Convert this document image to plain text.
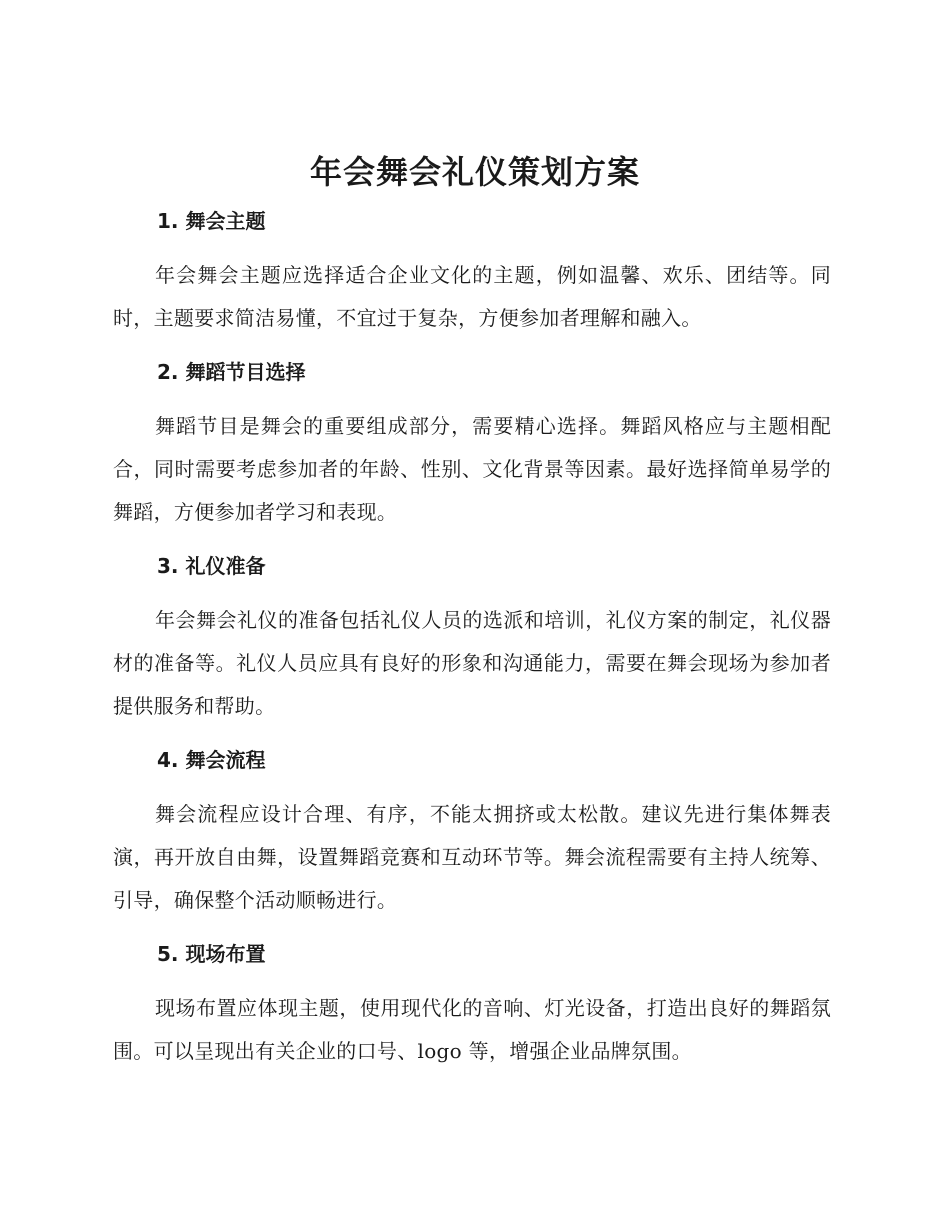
年会舞会礼仪策划方案
1. 舞会主题

年会舞会主题应选择适合企业文化的主题，例如温馨、欢乐、团结等。同时，主题要求简洁易懂，不宜过于复杂，方便参加者理解和融入。

2. 舞蹈节目选择

舞蹈节目是舞会的重要组成部分，需要精心选择。舞蹈风格应与主题相配合，同时需要考虑参加者的年龄、性别、文化背景等因素。最好选择简单易学的舞蹈，方便参加者学习和表现。

3. 礼仪准备

年会舞会礼仪的准备包括礼仪人员的选派和培训，礼仪方案的制定，礼仪器材的准备等。礼仪人员应具有良好的形象和沟通能力，需要在舞会现场为参加者提供服务和帮助。

4. 舞会流程

舞会流程应设计合理、有序，不能太拥挤或太松散。建议先进行集体舞表演，再开放自由舞，设置舞蹈竞赛和互动环节等。舞会流程需要有主持人统筹、引导，确保整个活动顺畅进行。

5. 现场布置

现场布置应体现主题，使用现代化的音响、灯光设备，打造出良好的舞蹈氛围。可以呈现出有关企业的口号、logo 等，增强企业品牌氛围。
